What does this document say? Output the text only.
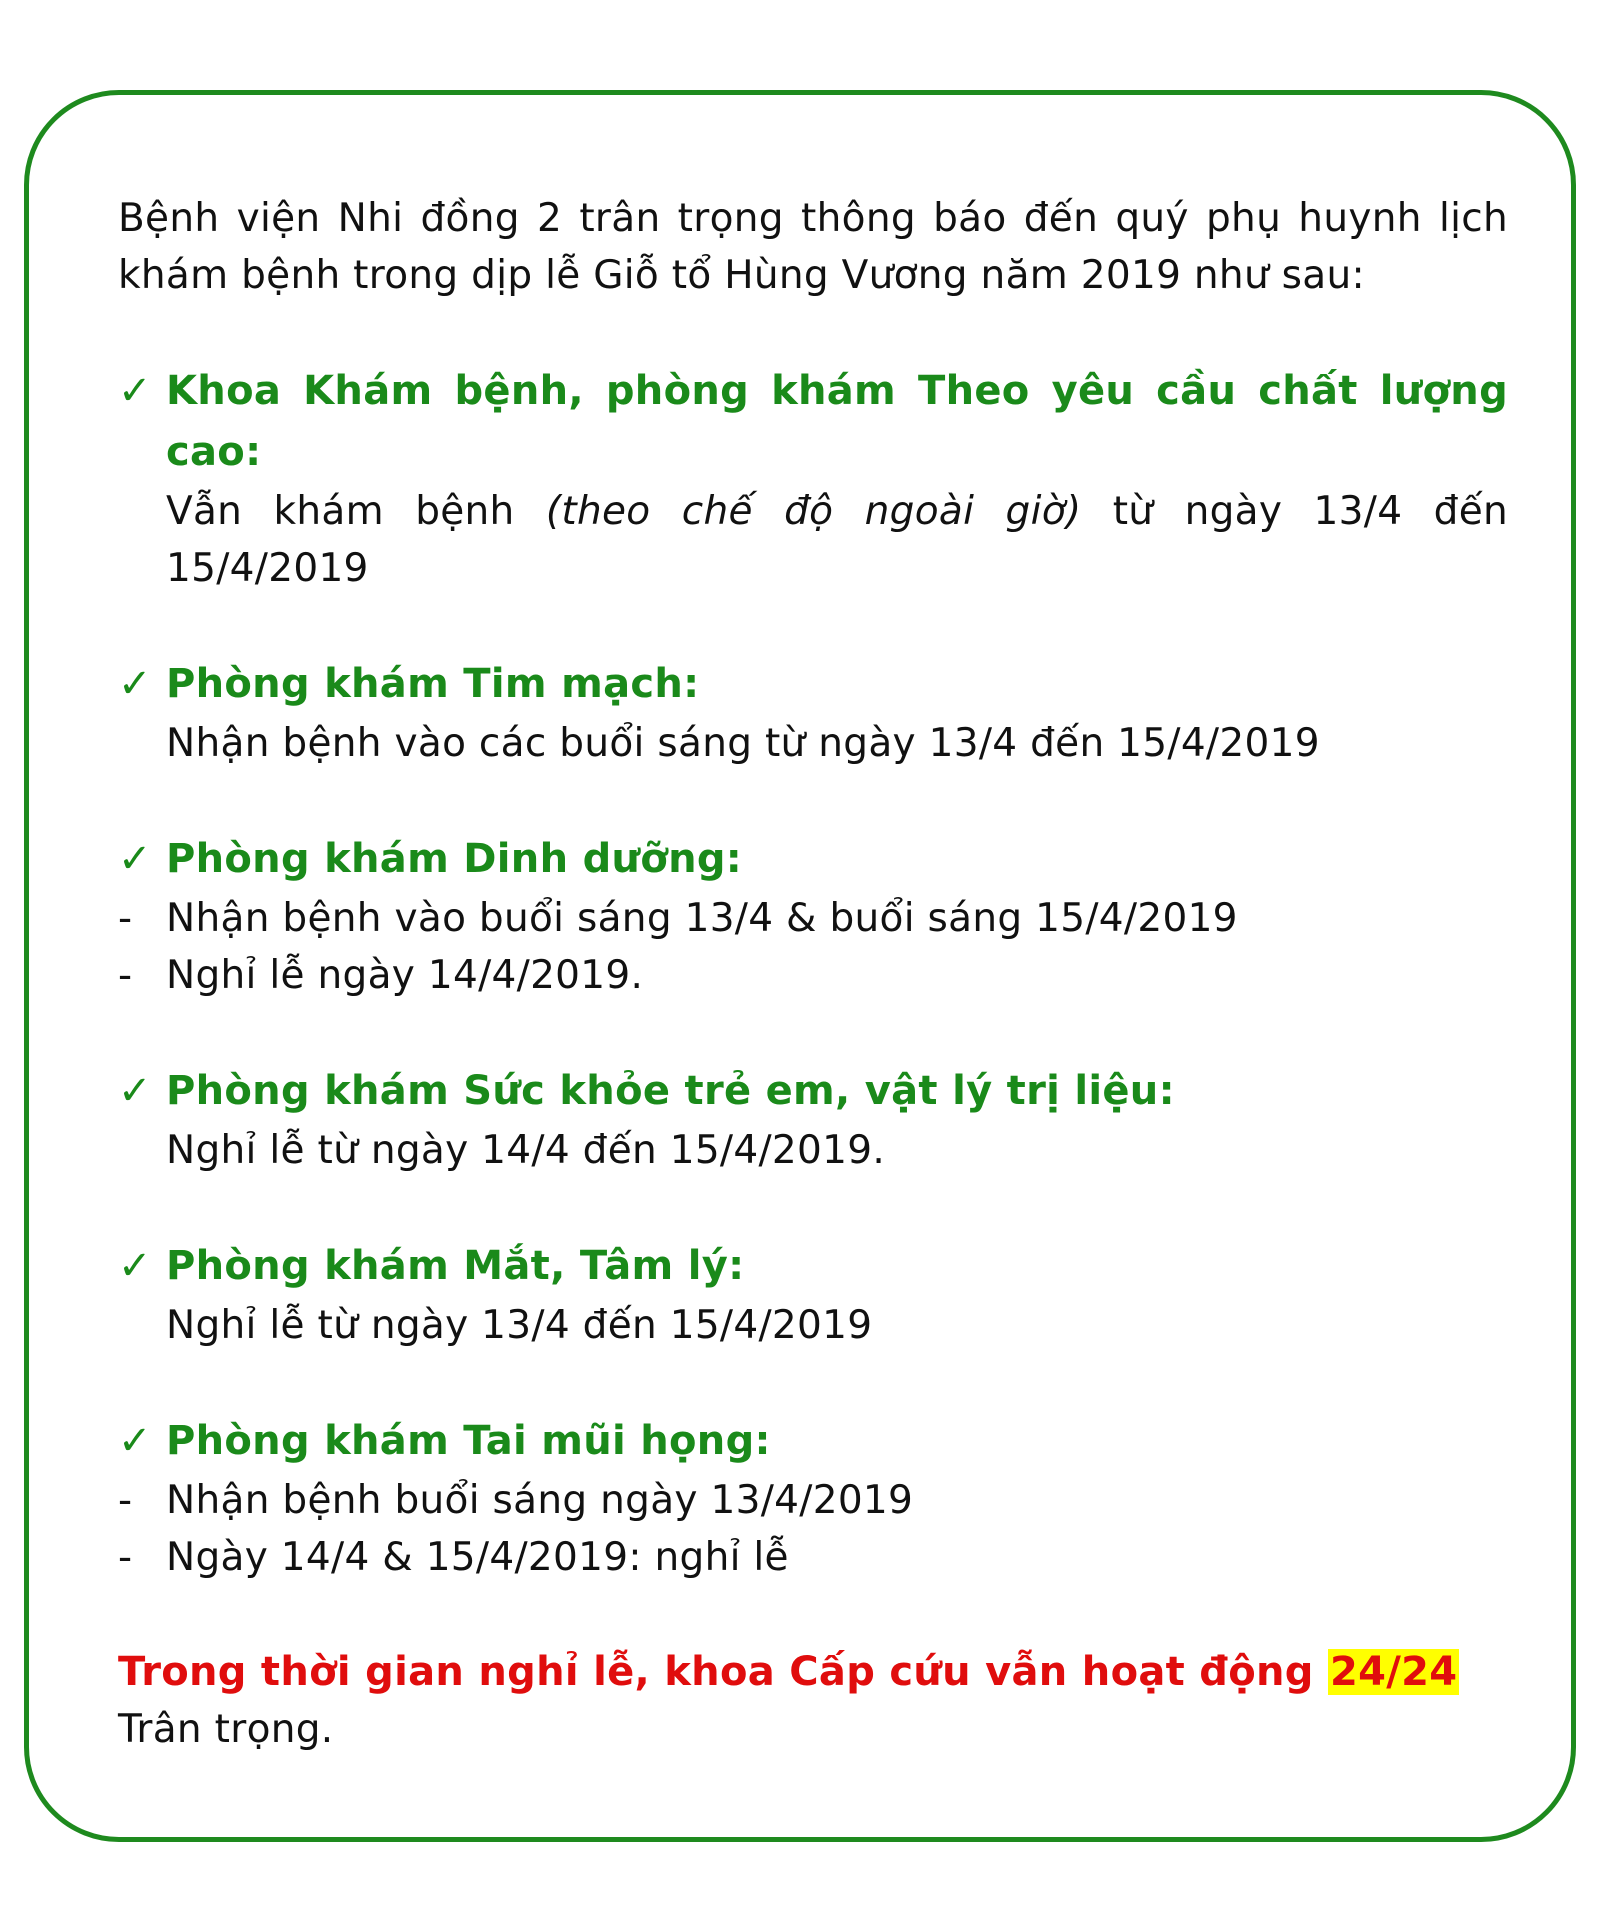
Bệnh viện Nhi đồng 2 trân trọng thông báo đến quý phụ huynh lịch khám bệnh trong dịp lễ Giỗ tổ Hùng Vương năm 2019 như sau:

✓ Khoa Khám bệnh, phòng khám Theo yêu cầu chất lượng cao:
Vẫn khám bệnh (theo chế độ ngoài giờ) từ ngày 13/4 đến 15/4/2019
✓ Phòng khám Tim mạch:
Nhận bệnh vào các buổi sáng từ ngày 13/4 đến 15/4/2019
✓ Phòng khám Dinh dưỡng:
- Nhận bệnh vào buổi sáng 13/4 & buổi sáng 15/4/2019
- Nghỉ lễ ngày 14/4/2019.
✓ Phòng khám Sức khỏe trẻ em, vật lý trị liệu:
Nghỉ lễ từ ngày 14/4 đến 15/4/2019.
✓ Phòng khám Mắt, Tâm lý:
Nghỉ lễ từ ngày 13/4 đến 15/4/2019
✓ Phòng khám Tai mũi họng:
- Nhận bệnh buổi sáng ngày 13/4/2019
- Ngày 14/4 & 15/4/2019: nghỉ lễ
Trong thời gian nghỉ lễ, khoa Cấp cứu vẫn hoạt động 24/24

Trân trọng.
